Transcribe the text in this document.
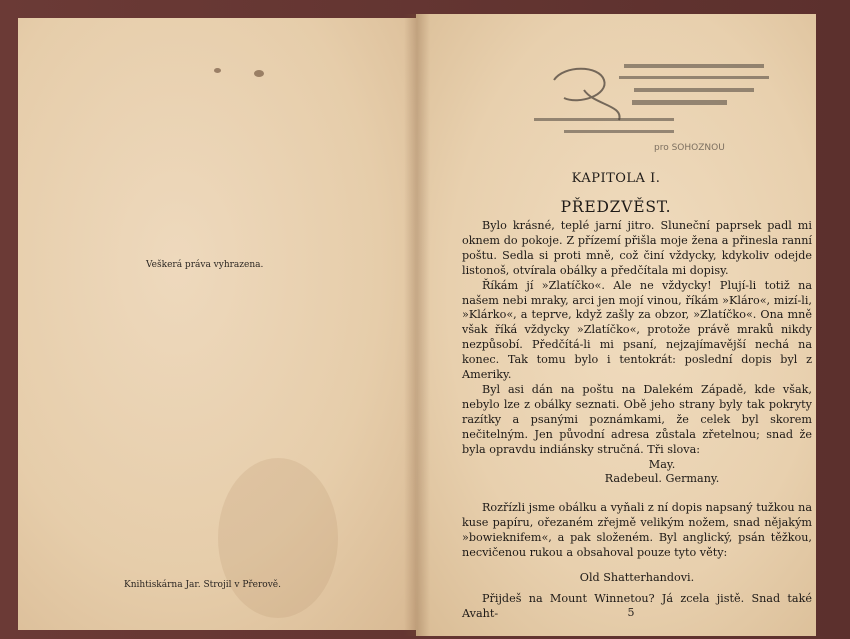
Veškerá práva vyhrazena.
Knihtiskárna Jar. Strojil v Přerově.
pro SOHOZNOU
KAPITOLA I.
PŘEDZVĚST.

Bylo krásné, teplé jarní jitro. Sluneční paprsek padl mi oknem do pokoje. Z přízemí přišla moje žena a přinesla ranní poštu. Sedla si proti mně, což činí vždycky, kdykoliv odejde listonoš, otvírala obálky a předčítala mi dopisy.

Říkám jí »Zlatíčko«. Ale ne vždycky! Plují-li totiž na našem nebi mraky, arci jen mojí vinou, říkám »Kláro«, mizí-li, »Klárko«, a teprve, když zašly za obzor, »Zlatíčko«. Ona mně však říká vždycky »Zlatíčko«, protože právě mraků nikdy nezpůsobí. Předčítá-li mi psaní, nejzajímavější nechá na konec. Tak tomu bylo i tentokrát: poslední dopis byl z Ameriky.

Byl asi dán na poštu na Dalekém Západě, kde však, nebylo lze z obálky seznati. Obě jeho strany byly tak pokryty razítky a psanými poznámkami, že celek byl skorem nečitelným. Jen původní adresa zůstala zřetelnou; snad že byla opravdu indiánsky stručná. Tři slova:

May.

Radebeul. Germany.

Rozřízli jsme obálku a vyňali z ní dopis napsaný tužkou na kuse papíru, ořezaném zřejmě velikým nožem, snad nějakým »bowieknifem«, a pak složeném. Byl anglický, psán těžkou, necvičenou rukou a obsahoval pouze tyto věty:

Old Shatterhandovi.

Přijdeš na Mount Winnetou? Já zcela jistě. Snad také Avaht-	5
